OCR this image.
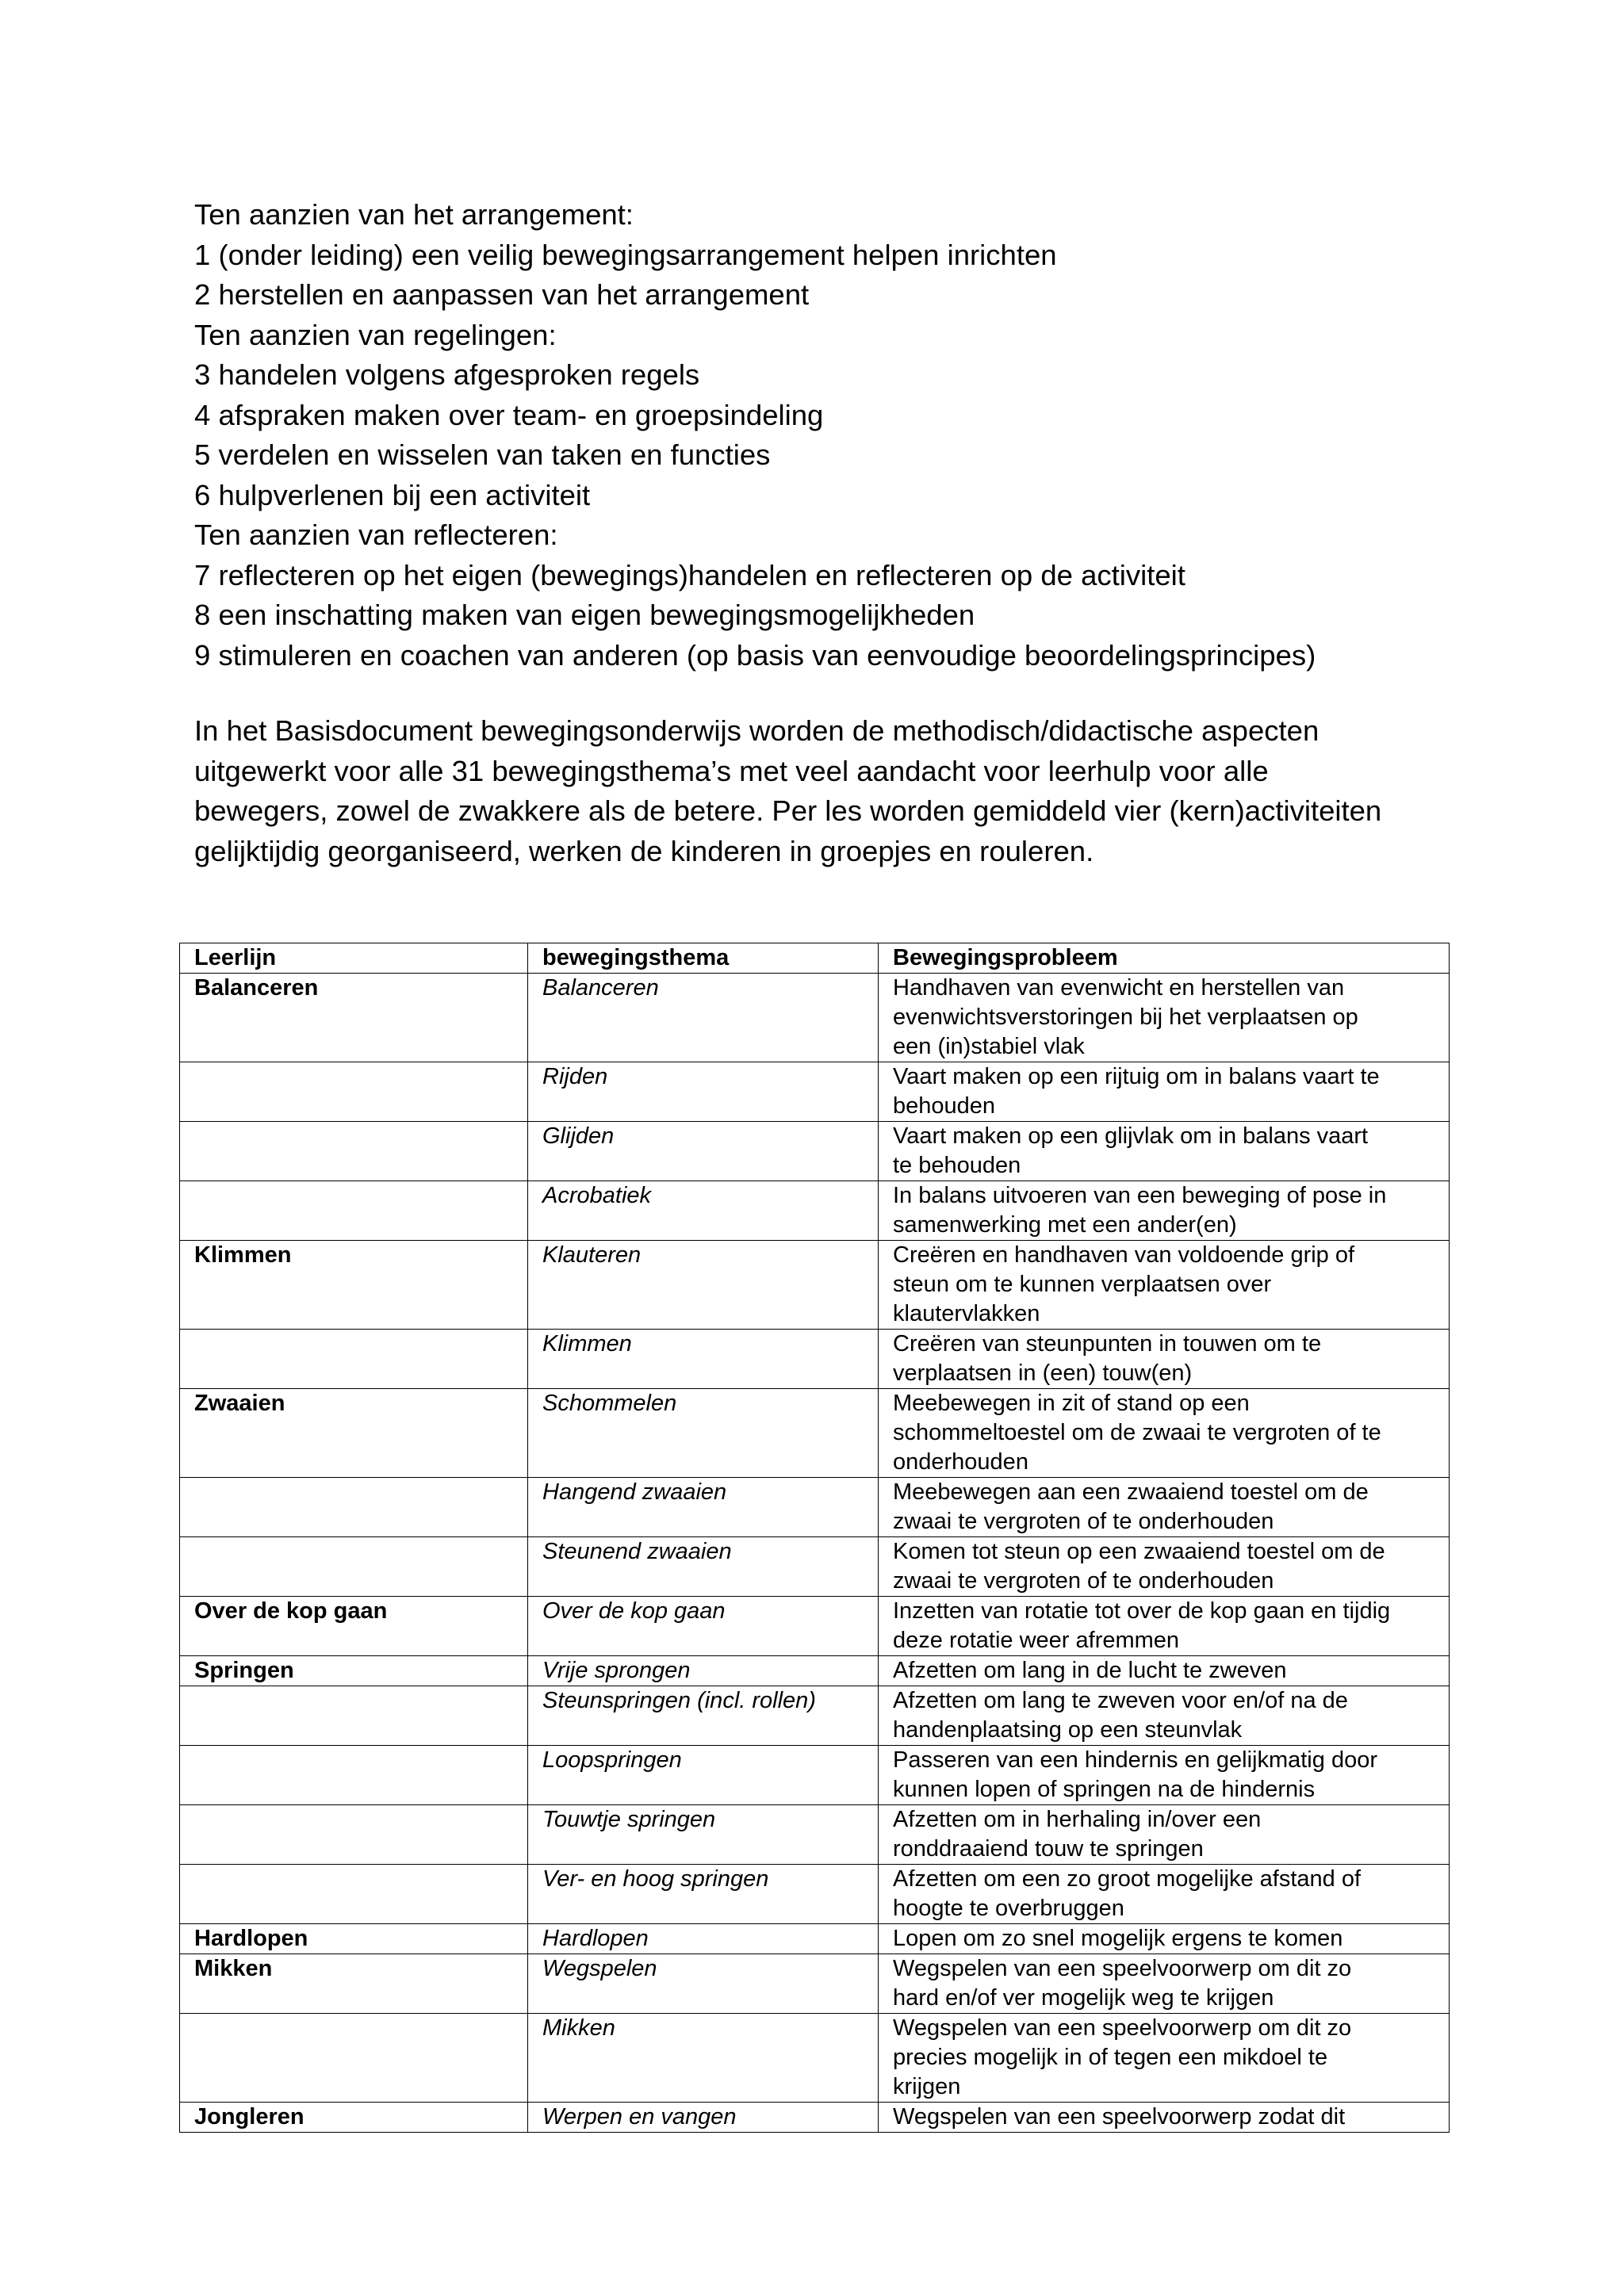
Ten aanzien van het arrangement:
1 (onder leiding) een veilig bewegingsarrangement helpen inrichten
2 herstellen en aanpassen van het arrangement
Ten aanzien van regelingen:
3 handelen volgens afgesproken regels
4 afspraken maken over team- en groepsindeling
5 verdelen en wisselen van taken en functies
6 hulpverlenen bij een activiteit
Ten aanzien van reflecteren:
7 reflecteren op het eigen (bewegings)handelen en reflecteren op de activiteit
8 een inschatting maken van eigen bewegingsmogelijkheden
9 stimuleren en coachen van anderen (op basis van eenvoudige beoordelingsprincipes)
In het Basisdocument bewegingsonderwijs worden de methodisch/didactische aspecten
uitgewerkt voor alle 31 bewegingsthema’s met veel aandacht voor leerhulp voor alle
bewegers, zowel de zwakkere als de betere. Per les worden gemiddeld vier (kern)activiteiten
gelijktijdig georganiseerd, werken de kinderen in groepjes en rouleren.
Leerlijn	bewegingsthema	Bewegingsprobleem
Balanceren	Balanceren	Handhaven van evenwicht en herstellen van
evenwichtsverstoringen bij het verplaatsen op
een (in)stabiel vlak

	Rijden	Vaart maken op een rijtuig om in balans vaart te
behouden

	Glijden	Vaart maken op een glijvlak om in balans vaart
te behouden

	Acrobatiek	In balans uitvoeren van een beweging of pose in
samenwerking met een ander(en)

Klimmen	Klauteren	Creëren en handhaven van voldoende grip of
steun om te kunnen verplaatsen over
klautervlakken

	Klimmen	Creëren van steunpunten in touwen om te
verplaatsen in (een) touw(en)

Zwaaien	Schommelen	Meebewegen in zit of stand op een
schommeltoestel om de zwaai te vergroten of te
onderhouden

	Hangend zwaaien	Meebewegen aan een zwaaiend toestel om de
zwaai te vergroten of te onderhouden

	Steunend zwaaien	Komen tot steun op een zwaaiend toestel om de
zwaai te vergroten of te onderhouden

Over de kop gaan	Over de kop gaan	Inzetten van rotatie tot over de kop gaan en tijdig
deze rotatie weer afremmen

Springen	Vrije sprongen	Afzetten om lang in de lucht te zweven

	Steunspringen (incl. rollen)	Afzetten om lang te zweven voor en/of na de
handenplaatsing op een steunvlak

	Loopspringen	Passeren van een hindernis en gelijkmatig door
kunnen lopen of springen na de hindernis

	Touwtje springen	Afzetten om in herhaling in/over een
ronddraaiend touw te springen

	Ver- en hoog springen	Afzetten om een zo groot mogelijke afstand of
hoogte te overbruggen

Hardlopen	Hardlopen	Lopen om zo snel mogelijk ergens te komen

Mikken	Wegspelen	Wegspelen van een speelvoorwerp om dit zo
hard en/of ver mogelijk weg te krijgen

	Mikken	Wegspelen van een speelvoorwerp om dit zo
precies mogelijk in of tegen een mikdoel te
krijgen

Jongleren	Werpen en vangen	Wegspelen van een speelvoorwerp zodat dit
